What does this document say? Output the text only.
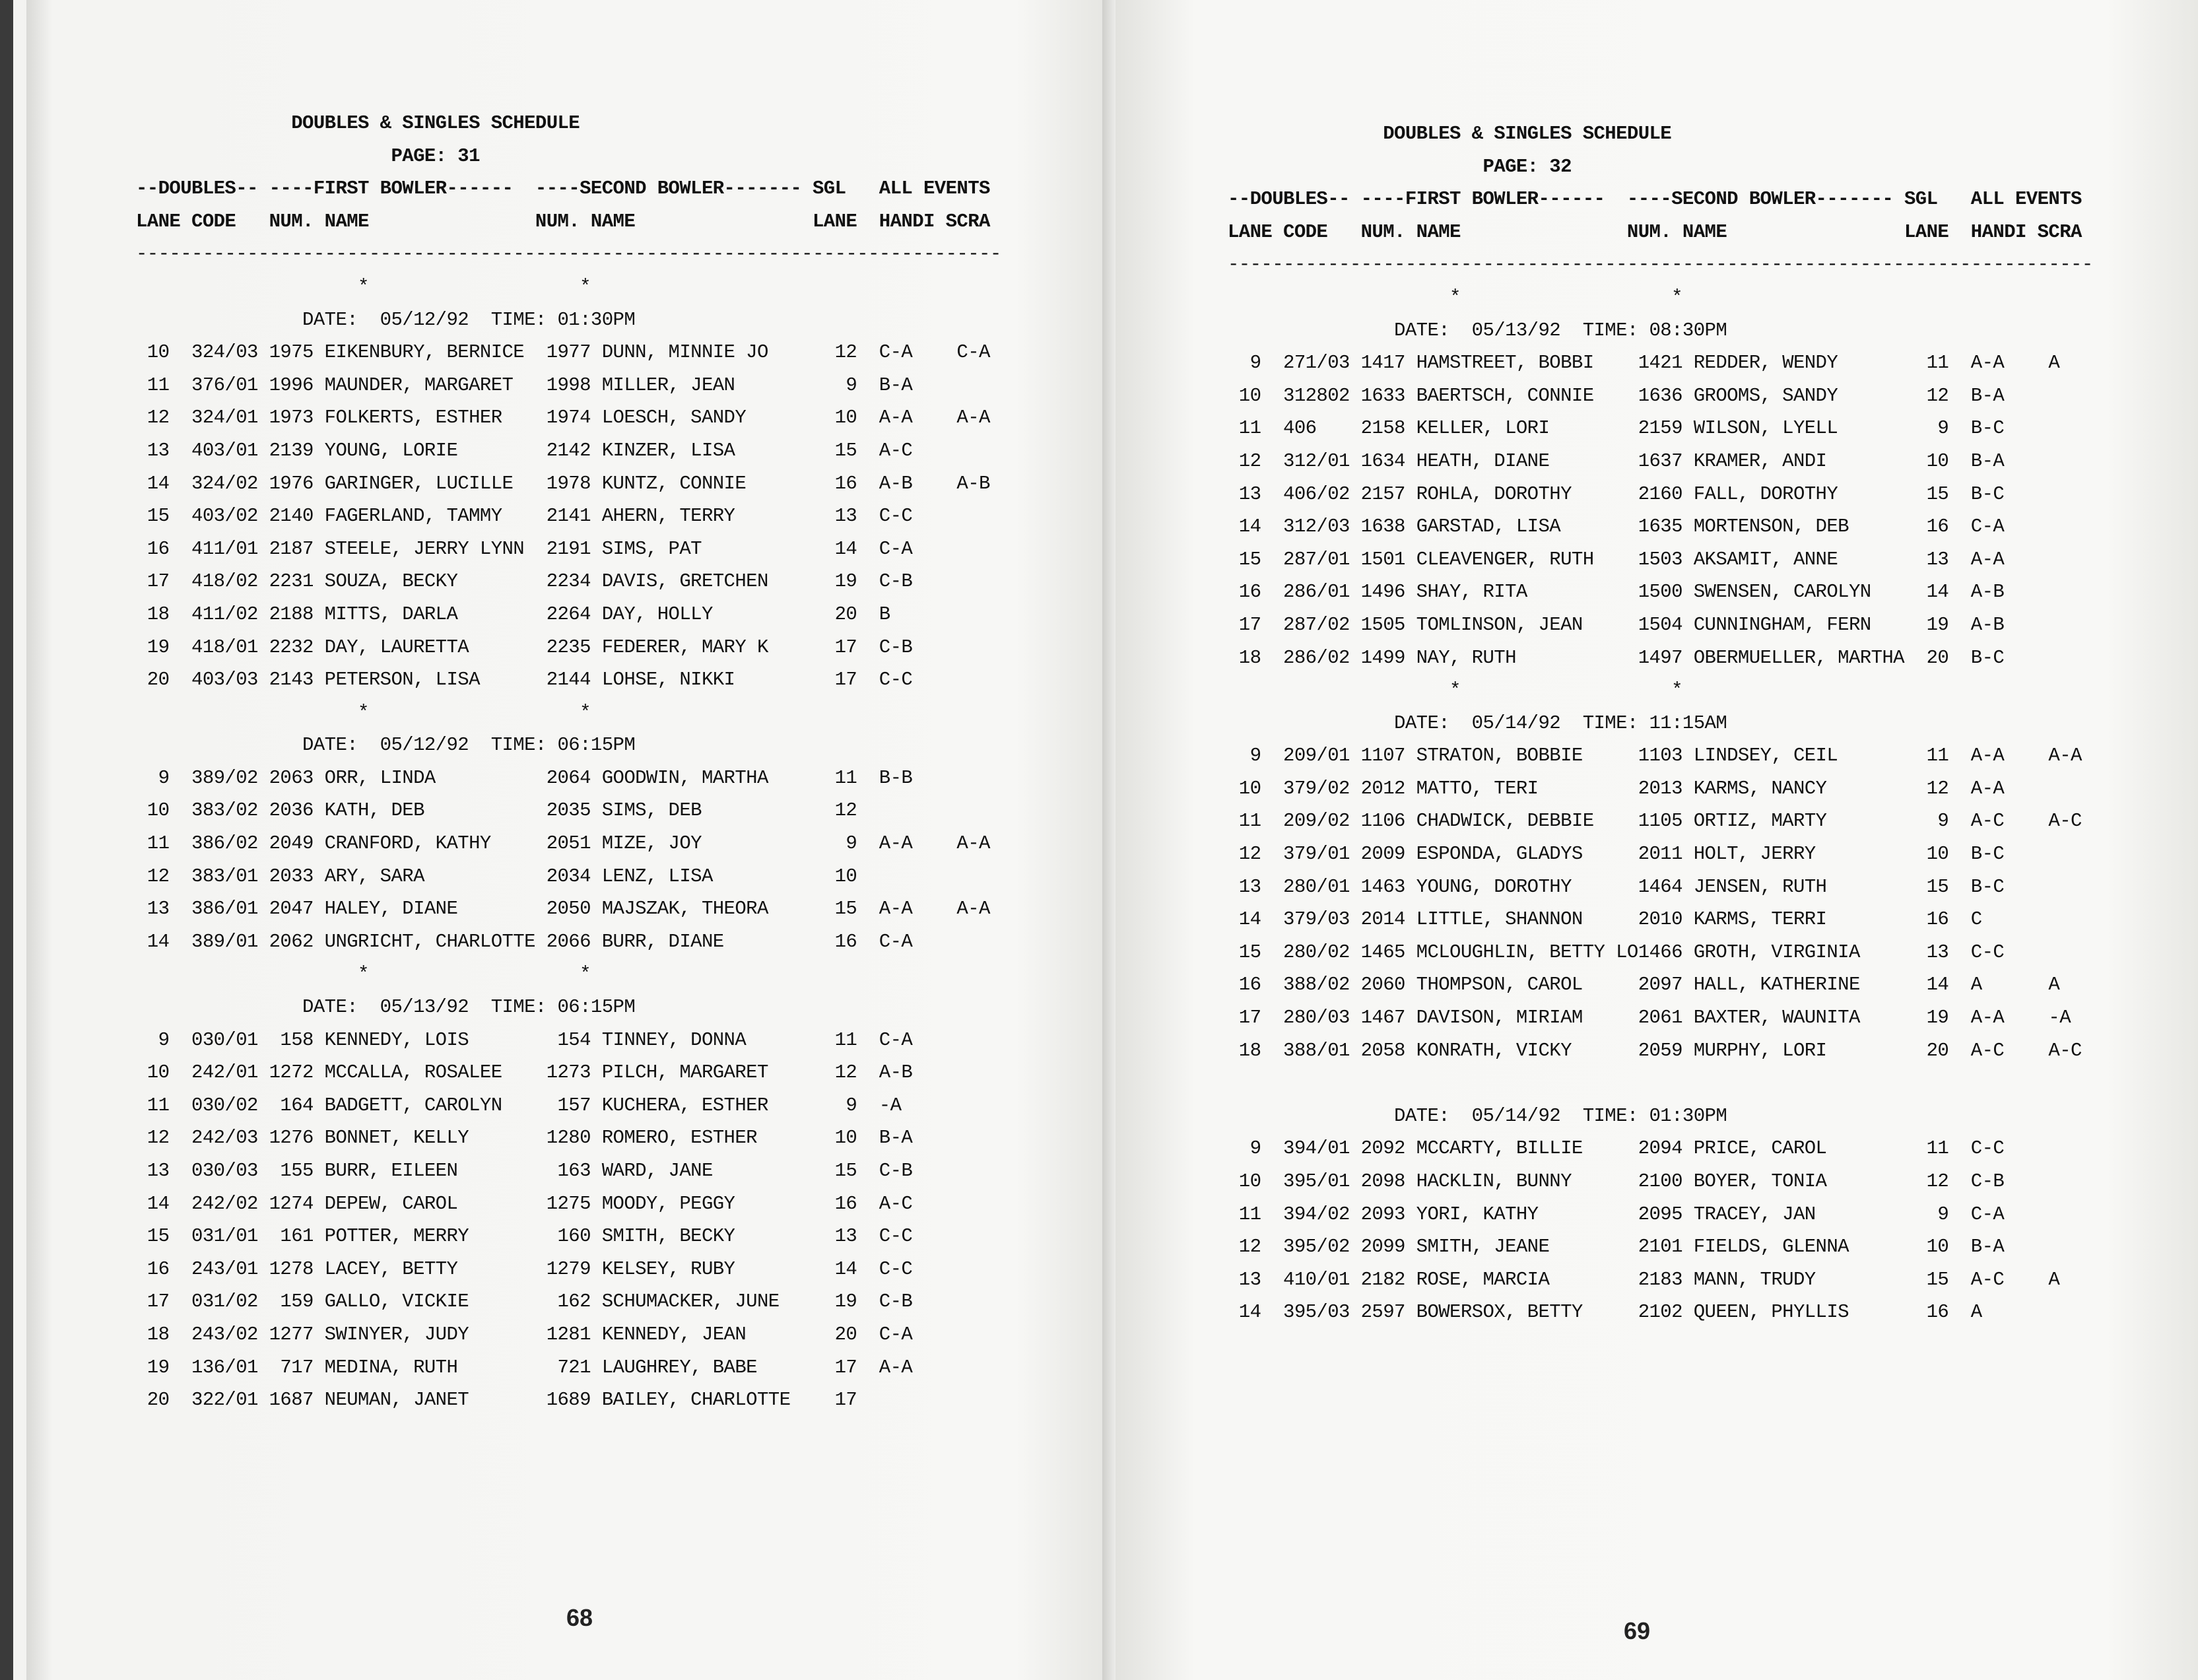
DOUBLES & SINGLES SCHEDULE
PAGE: 31
--DOUBLES-- ----FIRST BOWLER------  ----SECOND BOWLER------- SGL   ALL EVENTS
LANE CODE   NUM. NAME               NUM. NAME                LANE  HANDI SCRA
------------------------------------------------------------------------------
*                   *
DATE:  05/12/92  TIME: 01:30PM
10  324/03 1975 EIKENBURY, BERNICE  1977 DUNN, MINNIE JO      12  C-A    C-A
11  376/01 1996 MAUNDER, MARGARET   1998 MILLER, JEAN          9  B-A
12  324/01 1973 FOLKERTS, ESTHER    1974 LOESCH, SANDY        10  A-A    A-A
13  403/01 2139 YOUNG, LORIE        2142 KINZER, LISA         15  A-C
14  324/02 1976 GARINGER, LUCILLE   1978 KUNTZ, CONNIE        16  A-B    A-B
15  403/02 2140 FAGERLAND, TAMMY    2141 AHERN, TERRY         13  C-C
16  411/01 2187 STEELE, JERRY LYNN  2191 SIMS, PAT            14  C-A
17  418/02 2231 SOUZA, BECKY        2234 DAVIS, GRETCHEN      19  C-B
18  411/02 2188 MITTS, DARLA        2264 DAY, HOLLY           20  B
19  418/01 2232 DAY, LAURETTA       2235 FEDERER, MARY K      17  C-B
20  403/03 2143 PETERSON, LISA      2144 LOHSE, NIKKI         17  C-C
*                   *
DATE:  05/12/92  TIME: 06:15PM
9  389/02 2063 ORR, LINDA          2064 GOODWIN, MARTHA      11  B-B
10  383/02 2036 KATH, DEB           2035 SIMS, DEB            12
11  386/02 2049 CRANFORD, KATHY     2051 MIZE, JOY             9  A-A    A-A
12  383/01 2033 ARY, SARA           2034 LENZ, LISA           10
13  386/01 2047 HALEY, DIANE        2050 MAJSZAK, THEORA      15  A-A    A-A
14  389/01 2062 UNGRICHT, CHARLOTTE 2066 BURR, DIANE          16  C-A
*                   *
DATE:  05/13/92  TIME: 06:15PM
9  030/01  158 KENNEDY, LOIS        154 TINNEY, DONNA        11  C-A
10  242/01 1272 MCCALLA, ROSALEE    1273 PILCH, MARGARET      12  A-B
11  030/02  164 BADGETT, CAROLYN     157 KUCHERA, ESTHER       9  -A
12  242/03 1276 BONNET, KELLY       1280 ROMERO, ESTHER       10  B-A
13  030/03  155 BURR, EILEEN         163 WARD, JANE           15  C-B
14  242/02 1274 DEPEW, CAROL        1275 MOODY, PEGGY         16  A-C
15  031/01  161 POTTER, MERRY        160 SMITH, BECKY         13  C-C
16  243/01 1278 LACEY, BETTY        1279 KELSEY, RUBY         14  C-C
17  031/02  159 GALLO, VICKIE        162 SCHUMACKER, JUNE     19  C-B
18  243/02 1277 SWINYER, JUDY       1281 KENNEDY, JEAN        20  C-A
19  136/01  717 MEDINA, RUTH         721 LAUGHREY, BABE       17  A-A
20  322/01 1687 NEUMAN, JANET       1689 BAILEY, CHARLOTTE    17
68
DOUBLES & SINGLES SCHEDULE
PAGE: 32
--DOUBLES-- ----FIRST BOWLER------  ----SECOND BOWLER------- SGL   ALL EVENTS
LANE CODE   NUM. NAME               NUM. NAME                LANE  HANDI SCRA
------------------------------------------------------------------------------
*                   *
DATE:  05/13/92  TIME: 08:30PM
9  271/03 1417 HAMSTREET, BOBBI    1421 REDDER, WENDY        11  A-A    A
10  312802 1633 BAERTSCH, CONNIE    1636 GROOMS, SANDY        12  B-A
11  406    2158 KELLER, LORI        2159 WILSON, LYELL         9  B-C
12  312/01 1634 HEATH, DIANE        1637 KRAMER, ANDI         10  B-A
13  406/02 2157 ROHLA, DOROTHY      2160 FALL, DOROTHY        15  B-C
14  312/03 1638 GARSTAD, LISA       1635 MORTENSON, DEB       16  C-A
15  287/01 1501 CLEAVENGER, RUTH    1503 AKSAMIT, ANNE        13  A-A
16  286/01 1496 SHAY, RITA          1500 SWENSEN, CAROLYN     14  A-B
17  287/02 1505 TOMLINSON, JEAN     1504 CUNNINGHAM, FERN     19  A-B
18  286/02 1499 NAY, RUTH           1497 OBERMUELLER, MARTHA  20  B-C
*                   *
DATE:  05/14/92  TIME: 11:15AM
9  209/01 1107 STRATON, BOBBIE     1103 LINDSEY, CEIL        11  A-A    A-A
10  379/02 2012 MATTO, TERI         2013 KARMS, NANCY         12  A-A
11  209/02 1106 CHADWICK, DEBBIE    1105 ORTIZ, MARTY          9  A-C    A-C
12  379/01 2009 ESPONDA, GLADYS     2011 HOLT, JERRY          10  B-C
13  280/01 1463 YOUNG, DOROTHY      1464 JENSEN, RUTH         15  B-C
14  379/03 2014 LITTLE, SHANNON     2010 KARMS, TERRI         16  C
15  280/02 1465 MCLOUGHLIN, BETTY LO1466 GROTH, VIRGINIA      13  C-C
16  388/02 2060 THOMPSON, CAROL     2097 HALL, KATHERINE      14  A      A
17  280/03 1467 DAVISON, MIRIAM     2061 BAXTER, WAUNITA      19  A-A    -A
18  388/01 2058 KONRATH, VICKY      2059 MURPHY, LORI         20  A-C    A-C
DATE:  05/14/92  TIME: 01:30PM
9  394/01 2092 MCCARTY, BILLIE     2094 PRICE, CAROL         11  C-C
10  395/01 2098 HACKLIN, BUNNY      2100 BOYER, TONIA         12  C-B
11  394/02 2093 YORI, KATHY         2095 TRACEY, JAN           9  C-A
12  395/02 2099 SMITH, JEANE        2101 FIELDS, GLENNA       10  B-A
13  410/01 2182 ROSE, MARCIA        2183 MANN, TRUDY          15  A-C    A
14  395/03 2597 BOWERSOX, BETTY     2102 QUEEN, PHYLLIS       16  A
69
